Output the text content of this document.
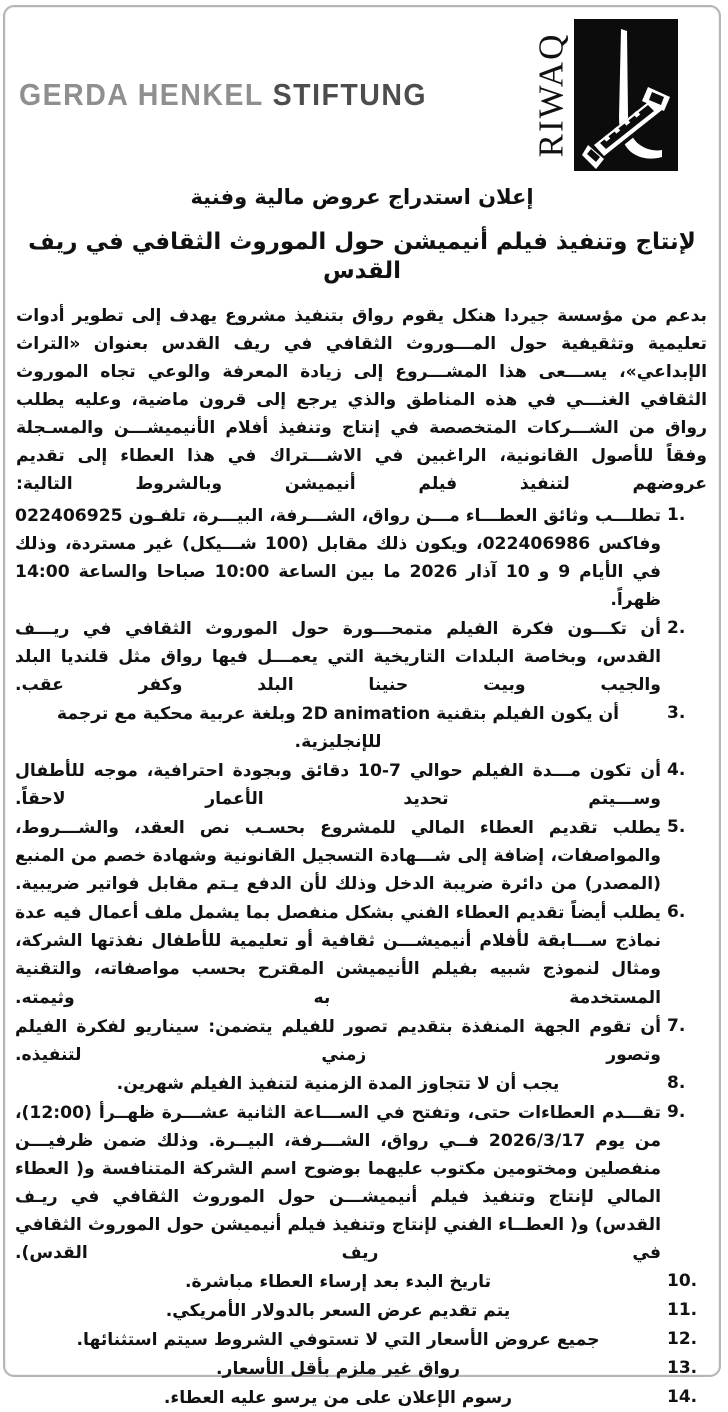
GERDA HENKEL STIFTUNG	RIWAQ
إعلان استدراج عروض مالية وفنية
لإنتاج وتنفيذ فيلم أنيميشن حول الموروث الثقافي في ريف القدس

بدعم من مؤسسة جيردا هنكل يقوم رواق بتنفيذ مشروع يهدف إلى تطوير أدوات تعليمية وتثقيفية حول المـــوروث الثقافي في ريف القدس بعنوان «التراث الإبداعي»، يســـعى هذا المشـــروع إلى زيادة المعرفة والوعي تجاه الموروث الثقافي الغنـــي في هذه المناطق والذي يرجع إلى قرون ماضية، وعليه يطلب رواق من الشـــركات المتخصصة في إنتاج وتنفيذ أفلام الأنيميشـــن والمسـجلة وفقاً للأصول القانونية، الراغبين في الاشـــتراك في هذا العطاء إلى تقديم عروضهم لتنفيذ فيلم أنيميشن وبالشروط التالية:

1.
تطلـــب وثائق العطـــاء مـــن رواق، الشـــرفة، البيـــرة، تلفـون 022406925 وفاكس 022406986، ويكون ذلك مقابل (100 شـــيكل) غير مستردة، وذلك في الأيام 9 و 10 آذار 2026 ما بين الساعة 10:00 صباحا والساعة 14:00 ظهراً.
2.
أن تكـــون فكرة الفيلم متمحـــورة حول الموروث الثقافي في ريـــف القدس، وبخاصة البلدات التاريخية التي يعمـــل فيها رواق مثل قلنديا البلد والجيب وبيت حنينا البلد وكفر عقب.
3.
أن يكون الفيلم بتقنية 2D animation وبلغة عربية محكية مع ترجمة للإنجليزية.
4.
أن تكون مـــدة الفيلم حوالي 7-10 دقائق وبجودة احترافية، موجه للأطفال وســـيتم تحديد الأعمار لاحقاً.
5.
يطلب تقديم العطاء المالي للمشروع بحسـب نص العقد، والشـــروط، والمواصفات، إضافة إلى شـــهادة التسجيل القانونية وشهادة خصم من المنبع (المصدر) من دائرة ضريبة الدخل وذلك لأن الدفع يـتم مقابل فواتير ضريبية.
6.
يطلب أيضاً تقديم العطاء الفني بشكل منفصل بما يشمل ملف أعمال فيه عدة نماذج ســـابقة لأفلام أنيميشـــن ثقافية أو تعليمية للأطفال نفذتها الشركة، ومثال لنموذج شبيه بفيلم الأنيميشن المقترح بحسب مواصفاته، والتقنية المستخدمة به وثيمته.
7.
أن تقوم الجهة المنفذة بتقديم تصور للفيلم يتضمن: سيناريو لفكرة الفيلم وتصور زمني لتنفيذه.
8.
يجب أن لا تتجاوز المدة الزمنية لتنفيذ الفيلم شهرين.
9.
تقـــدم العطاءات حتى، وتفتح في الســـاعة الثانية عشـــرة ظهــرأ (12:00)، من يوم 2026/3/17 فــي رواق، الشـــرفة، البيــرة. وذلك ضمن ظرفيـــن منفصلين ومختومين مكتوب عليهما بوضوح اسم الشركة المتنافسة و( العطاء المالي لإنتاج وتنفيذ فيلم أنيميشـــن حول الموروث الثقافي في ريـف القدس) و( العطــاء الفني لإنتاج وتنفيذ فيلم أنيميشن حول الموروث الثقافي في ريف القدس).
10.
تاريخ البدء بعد إرساء العطاء مباشرة.
11.
يتم تقديم عرض السعر بالدولار الأمريكي.
12.
جميع عروض الأسعار التي لا تستوفي الشروط سيتم استثنائها.
13.
رواق غير ملزم بأقل الأسعار.
14.
رسوم الإعلان على من يرسو عليه العطاء.
